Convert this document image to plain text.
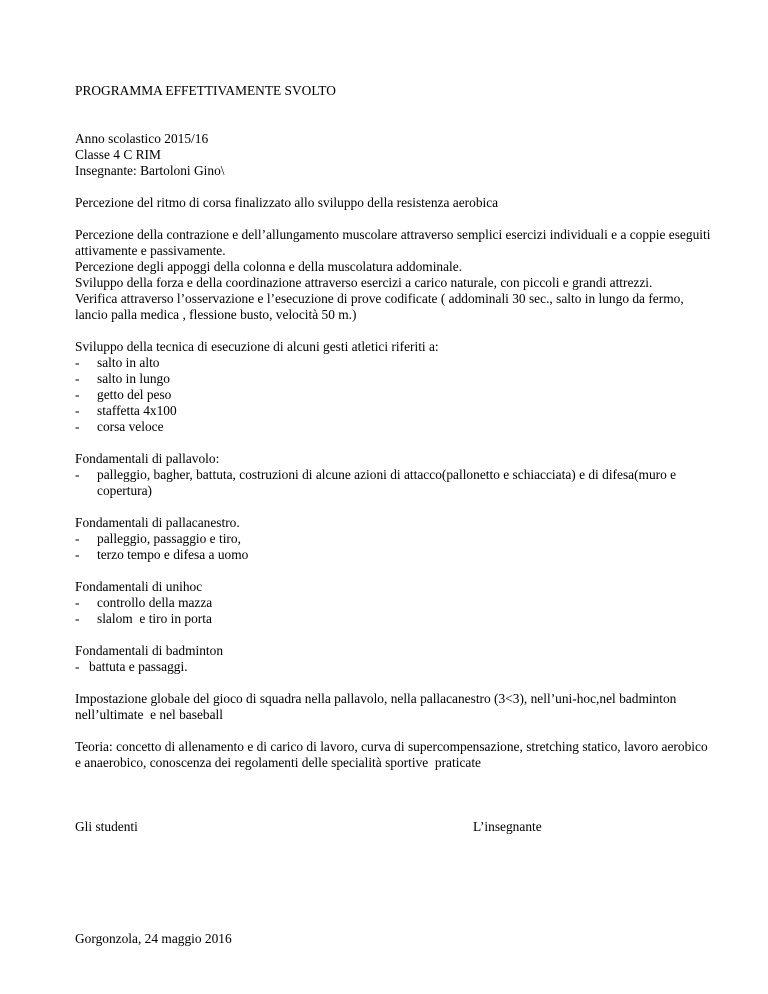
PROGRAMMA EFFETTIVAMENTE SVOLTO
Anno scolastico 2015/16
Classe 4 C RIM
Insegnante: Bartoloni Gino\
Percezione del ritmo di corsa finalizzato allo sviluppo della resistenza aerobica
Percezione della contrazione e dell’allungamento muscolare attraverso semplici esercizi individuali e a coppie eseguiti attivamente e passivamente.
Percezione degli appoggi della colonna e della muscolatura addominale.
Sviluppo della forza e della coordinazione attraverso esercizi a carico naturale, con piccoli e grandi attrezzi.
Verifica attraverso l’osservazione e l’esecuzione di prove codificate ( addominali 30 sec., salto in lungo da fermo, lancio palla medica , flessione busto, velocità 50 m.)
Sviluppo della tecnica di esecuzione di alcuni gesti atletici riferiti a:
- salto in alto
- salto in lungo
- getto del peso
- staffetta 4x100
- corsa veloce
Fondamentali di pallavolo:
- palleggio, bagher, battuta, costruzioni di alcune azioni di attacco(pallonetto e schiacciata) e di difesa(muro e copertura)
Fondamentali di pallacanestro.
- palleggio, passaggio e tiro,
- terzo tempo e difesa a uomo
Fondamentali di unihoc
- controllo della mazza
- slalom  e tiro in porta
Fondamentali di badminton
- battuta e passaggi.
Impostazione globale del gioco di squadra nella pallavolo, nella pallacanestro (3<3), nell’uni-hoc,nel badminton nell’ultimate  e nel baseball
Teoria: concetto di allenamento e di carico di lavoro, curva di supercompensazione, stretching statico, lavoro aerobico e anaerobico, conoscenza dei regolamenti delle specialità sportive  praticate
Gli studenti	L’insegnante
Gorgonzola, 24 maggio 2016
